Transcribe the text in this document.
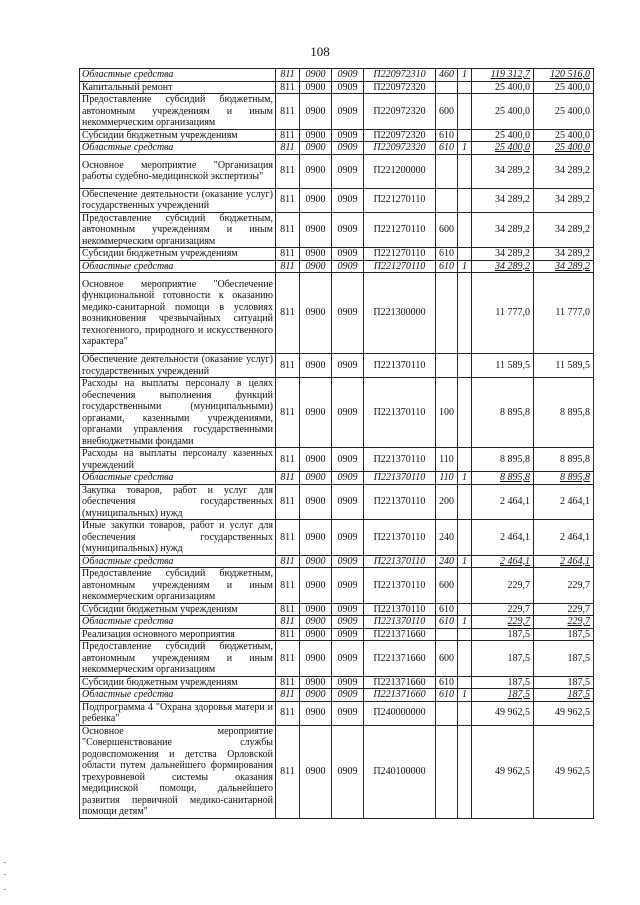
108
Областные средства	811	0900	0909	П220972310	460	1	119 312,7	120 516,0
Капитальный ремонт	811	0900	0909	П220972320			25 400,0	25 400,0
Предоставление субсидий бюджетным, автономным учреждениям и иным некоммерческим организациям	811	0900	0909	П220972320	600		25 400,0	25 400,0
Субсидии бюджетным учреждениям	811	0900	0909	П220972320	610		25 400,0	25 400,0
Областные средства	811	0900	0909	П220972320	610	1	25 400,0	25 400,0
Основное мероприятие "Организация работы судебно-медицинской экспертизы"	811	0900	0909	П221200000			34 289,2	34 289,2
Обеспечение деятельности (оказание услуг) государственных учреждений	811	0900	0909	П221270110			34 289,2	34 289,2
Предоставление субсидий бюджетным, автономным учреждениям и иным некоммерческим организациям	811	0900	0909	П221270110	600		34 289,2	34 289,2
Субсидии бюджетным учреждениям	811	0900	0909	П221270110	610		34 289,2	34 289,2
Областные средства	811	0900	0909	П221270110	610	1	34 289,2	34 289,2
Основное мероприятие "Обеспечение функциональной готовности к оказанию медико-санитарной помощи в условиях возникновения чрезвычайных ситуаций техногенного, природного и искусственного характера"	811	0900	0909	П221300000			11 777,0	11 777,0
Обеспечение деятельности (оказание услуг) государственных учреждений	811	0900	0909	П221370110			11 589,5	11 589,5
Расходы на выплаты персоналу в целях обеспечения выполнения функций государственными (муниципальными) органами, казенными учреждениями, органами управления государственными внебюджетными фондами	811	0900	0909	П221370110	100		8 895,8	8 895,8
Расходы на выплаты персоналу казенных учреждений	811	0900	0909	П221370110	110		8 895,8	8 895,8
Областные средства	811	0900	0909	П221370110	110	1	8 895,8	8 895,8
Закупка товаров, работ и услуг для обеспечения государственных (муниципальных) нужд	811	0900	0909	П221370110	200		2 464,1	2 464,1
Иные закупки товаров, работ и услуг для обеспечения государственных (муниципальных) нужд	811	0900	0909	П221370110	240		2 464,1	2 464,1
Областные средства	811	0900	0909	П221370110	240	1	2 464,1	2 464,1
Предоставление субсидий бюджетным, автономным учреждениям и иным некоммерческим организациям	811	0900	0909	П221370110	600		229,7	229,7
Субсидии бюджетным учреждениям	811	0900	0909	П221370110	610		229,7	229,7
Областные средства	811	0900	0909	П221370110	610	1	229,7	229,7
Реализация основного мероприятия	811	0900	0909	П221371660			187,5	187,5
Предоставление субсидий бюджетным, автономным учреждениям и иным некоммерческим организациям	811	0900	0909	П221371660	600		187,5	187,5
Субсидии бюджетным учреждениям	811	0900	0909	П221371660	610		187,5	187,5
Областные средства	811	0900	0909	П221371660	610	1	187,5	187,5
Подпрограмма 4 "Охрана здоровья матери и ребенка"	811	0900	0909	П240000000			49 962,5	49 962,5
Основное мероприятие "Совершенствование службы родовспоможения и детства Орловской области путем дальнейшего формирования трехуровневой системы оказания медицинской помощи, дальнейшего развития первичной медико-санитарной помощи детям"	811	0900	0909	П240100000			49 962,5	49 962,5
